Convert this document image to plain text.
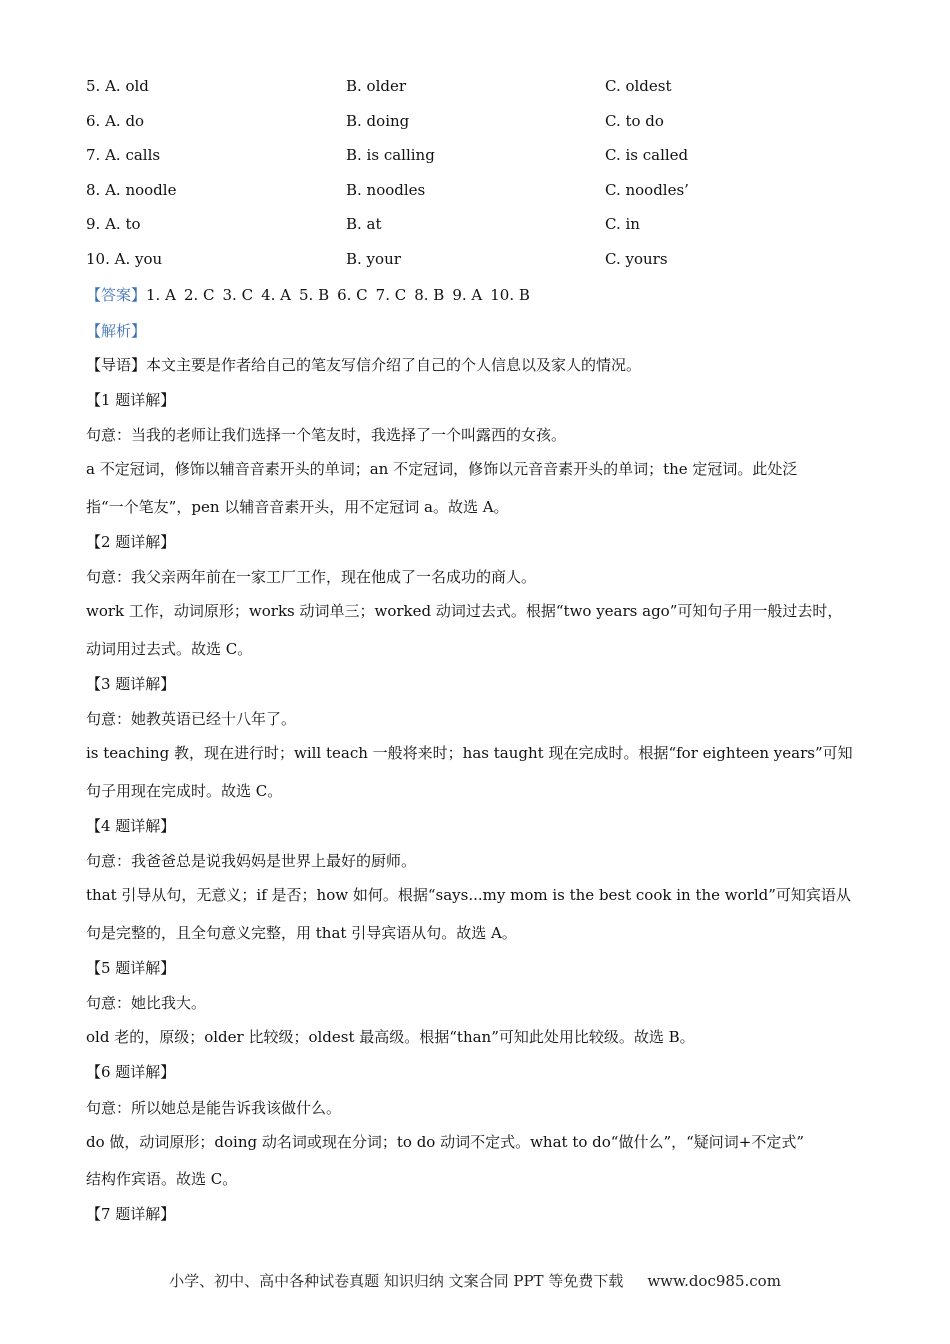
5. A. old	B. older	C. oldest
6. A. do	B. doing	C. to do
7. A. calls	B. is calling	C. is called
8. A. noodle	B. noodles	C. noodles’
9. A. to	B. at	C. in
10. A. you	B. your	C. yours
【答案】1. A 2. C 3. C 4. A 5. B 6. C 7. C 8. B 9. A 10. B
【解析】
【导语】本文主要是作者给自己的笔友写信介绍了自己的个人信息以及家人的情况。
【1 题详解】
句意：当我的老师让我们选择一个笔友时，我选择了一个叫露西的女孩。
a 不定冠词，修饰以辅音音素开头的单词；an 不定冠词，修饰以元音音素开头的单词；the 定冠词。此处泛
指“一个笔友”，pen 以辅音音素开头，用不定冠词 a。故选 A。
【2 题详解】
句意：我父亲两年前在一家工厂工作，现在他成了一名成功的商人。
work 工作，动词原形；works 动词单三；worked 动词过去式。根据“two years ago”可知句子用一般过去时，
动词用过去式。故选 C。
【3 题详解】
句意：她教英语已经十八年了。
is teaching 教，现在进行时；will teach 一般将来时；has taught 现在完成时。根据“for eighteen years”可知
句子用现在完成时。故选 C。
【4 题详解】
句意：我爸爸总是说我妈妈是世界上最好的厨师。
that 引导从句，无意义；if 是否；how 如何。根据“says...my mom is the best cook in the world”可知宾语从
句是完整的，且全句意义完整，用 that 引导宾语从句。故选 A。
【5 题详解】
句意：她比我大。
old 老的，原级；older 比较级；oldest 最高级。根据“than”可知此处用比较级。故选 B。
【6 题详解】
句意：所以她总是能告诉我该做什么。
do 做，动词原形；doing 动名词或现在分词；to do 动词不定式。what to do“做什么”，“疑问词+不定式”
结构作宾语。故选 C。
【7 题详解】
小学、初中、高中各种试卷真题 知识归纳 文案合同 PPT 等免费下载 www.doc985.com
